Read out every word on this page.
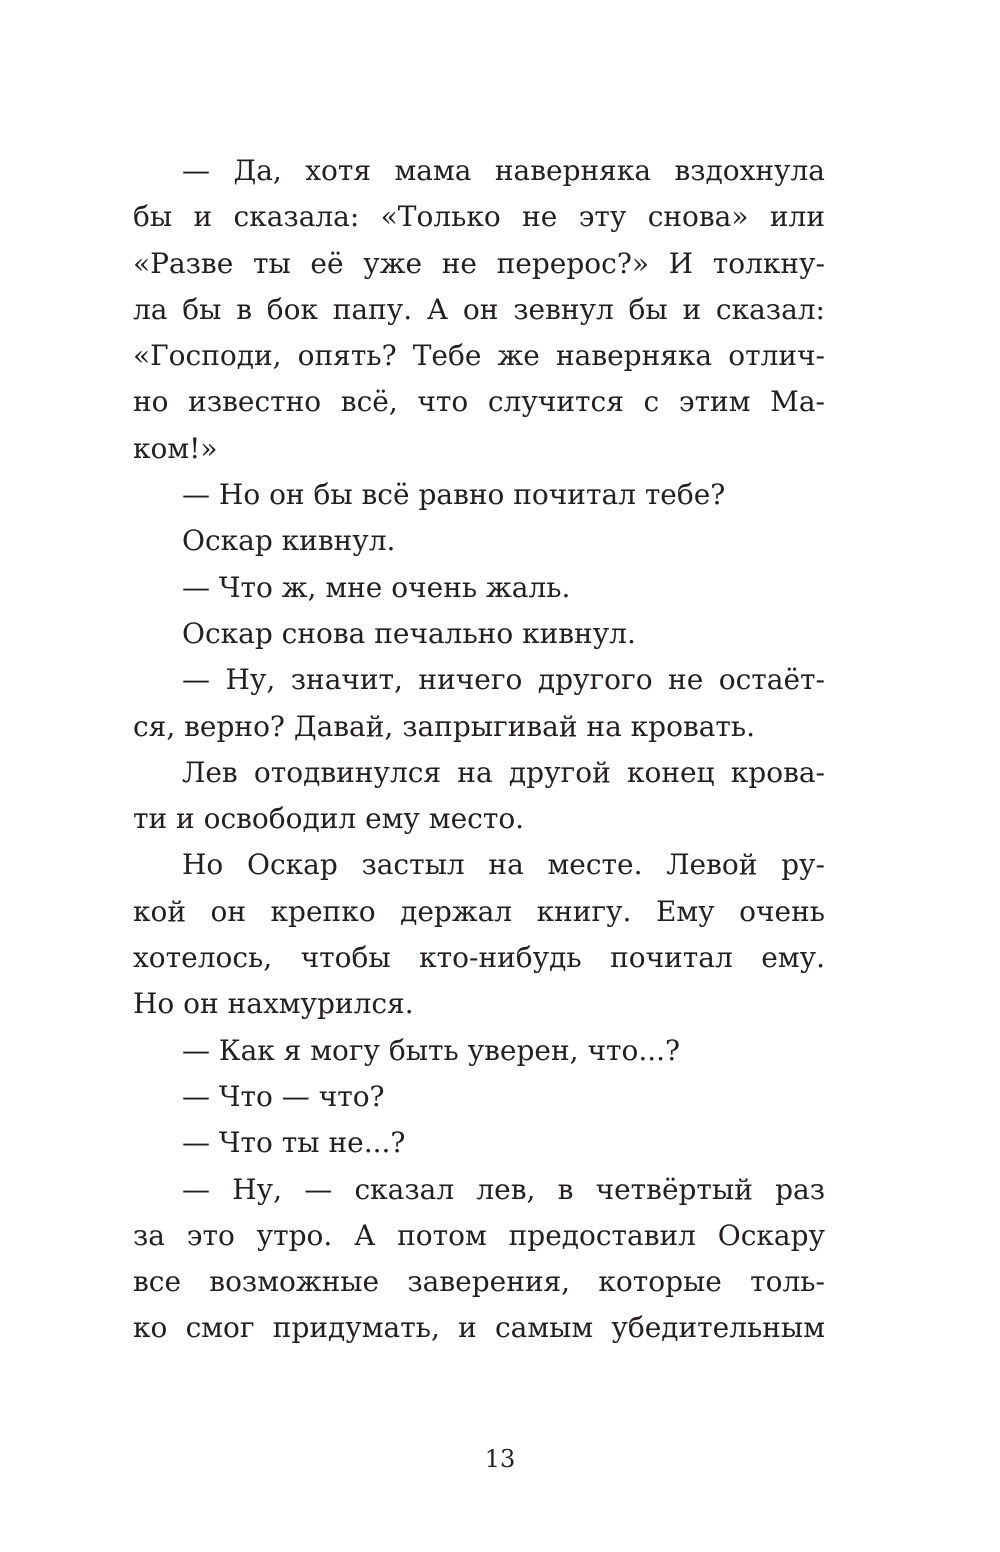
— Да, хотя мама наверняка вздохнула
бы и сказала: «Только не эту снова» или
«Разве ты её уже не перерос?» И толкну-
ла бы в бок папу. А он зевнул бы и сказал:
«Господи, опять? Тебе же наверняка отлич-
но известно всё, что случится с этим Ма-
ком!»
— Но он бы всё равно почитал тебе?
Оскар кивнул.
— Что ж, мне очень жаль.
Оскар снова печально кивнул.
— Ну, значит, ничего другого не остаёт-
ся, верно? Давай, запрыгивай на кровать.
Лев отодвинулся на другой конец крова-
ти и освободил ему место.
Но Оскар застыл на месте. Левой ру-
кой он крепко держал книгу. Ему очень
хотелось, чтобы кто-нибудь почитал ему.
Но он нахмурился.
— Как я могу быть уверен, что...?
— Что — что?
— Что ты не...?
— Ну, — сказал лев, в четвёртый раз
за это утро. А потом предоставил Оскару
все возможные заверения, которые толь-
ко смог придумать, и самым убедительным
13
